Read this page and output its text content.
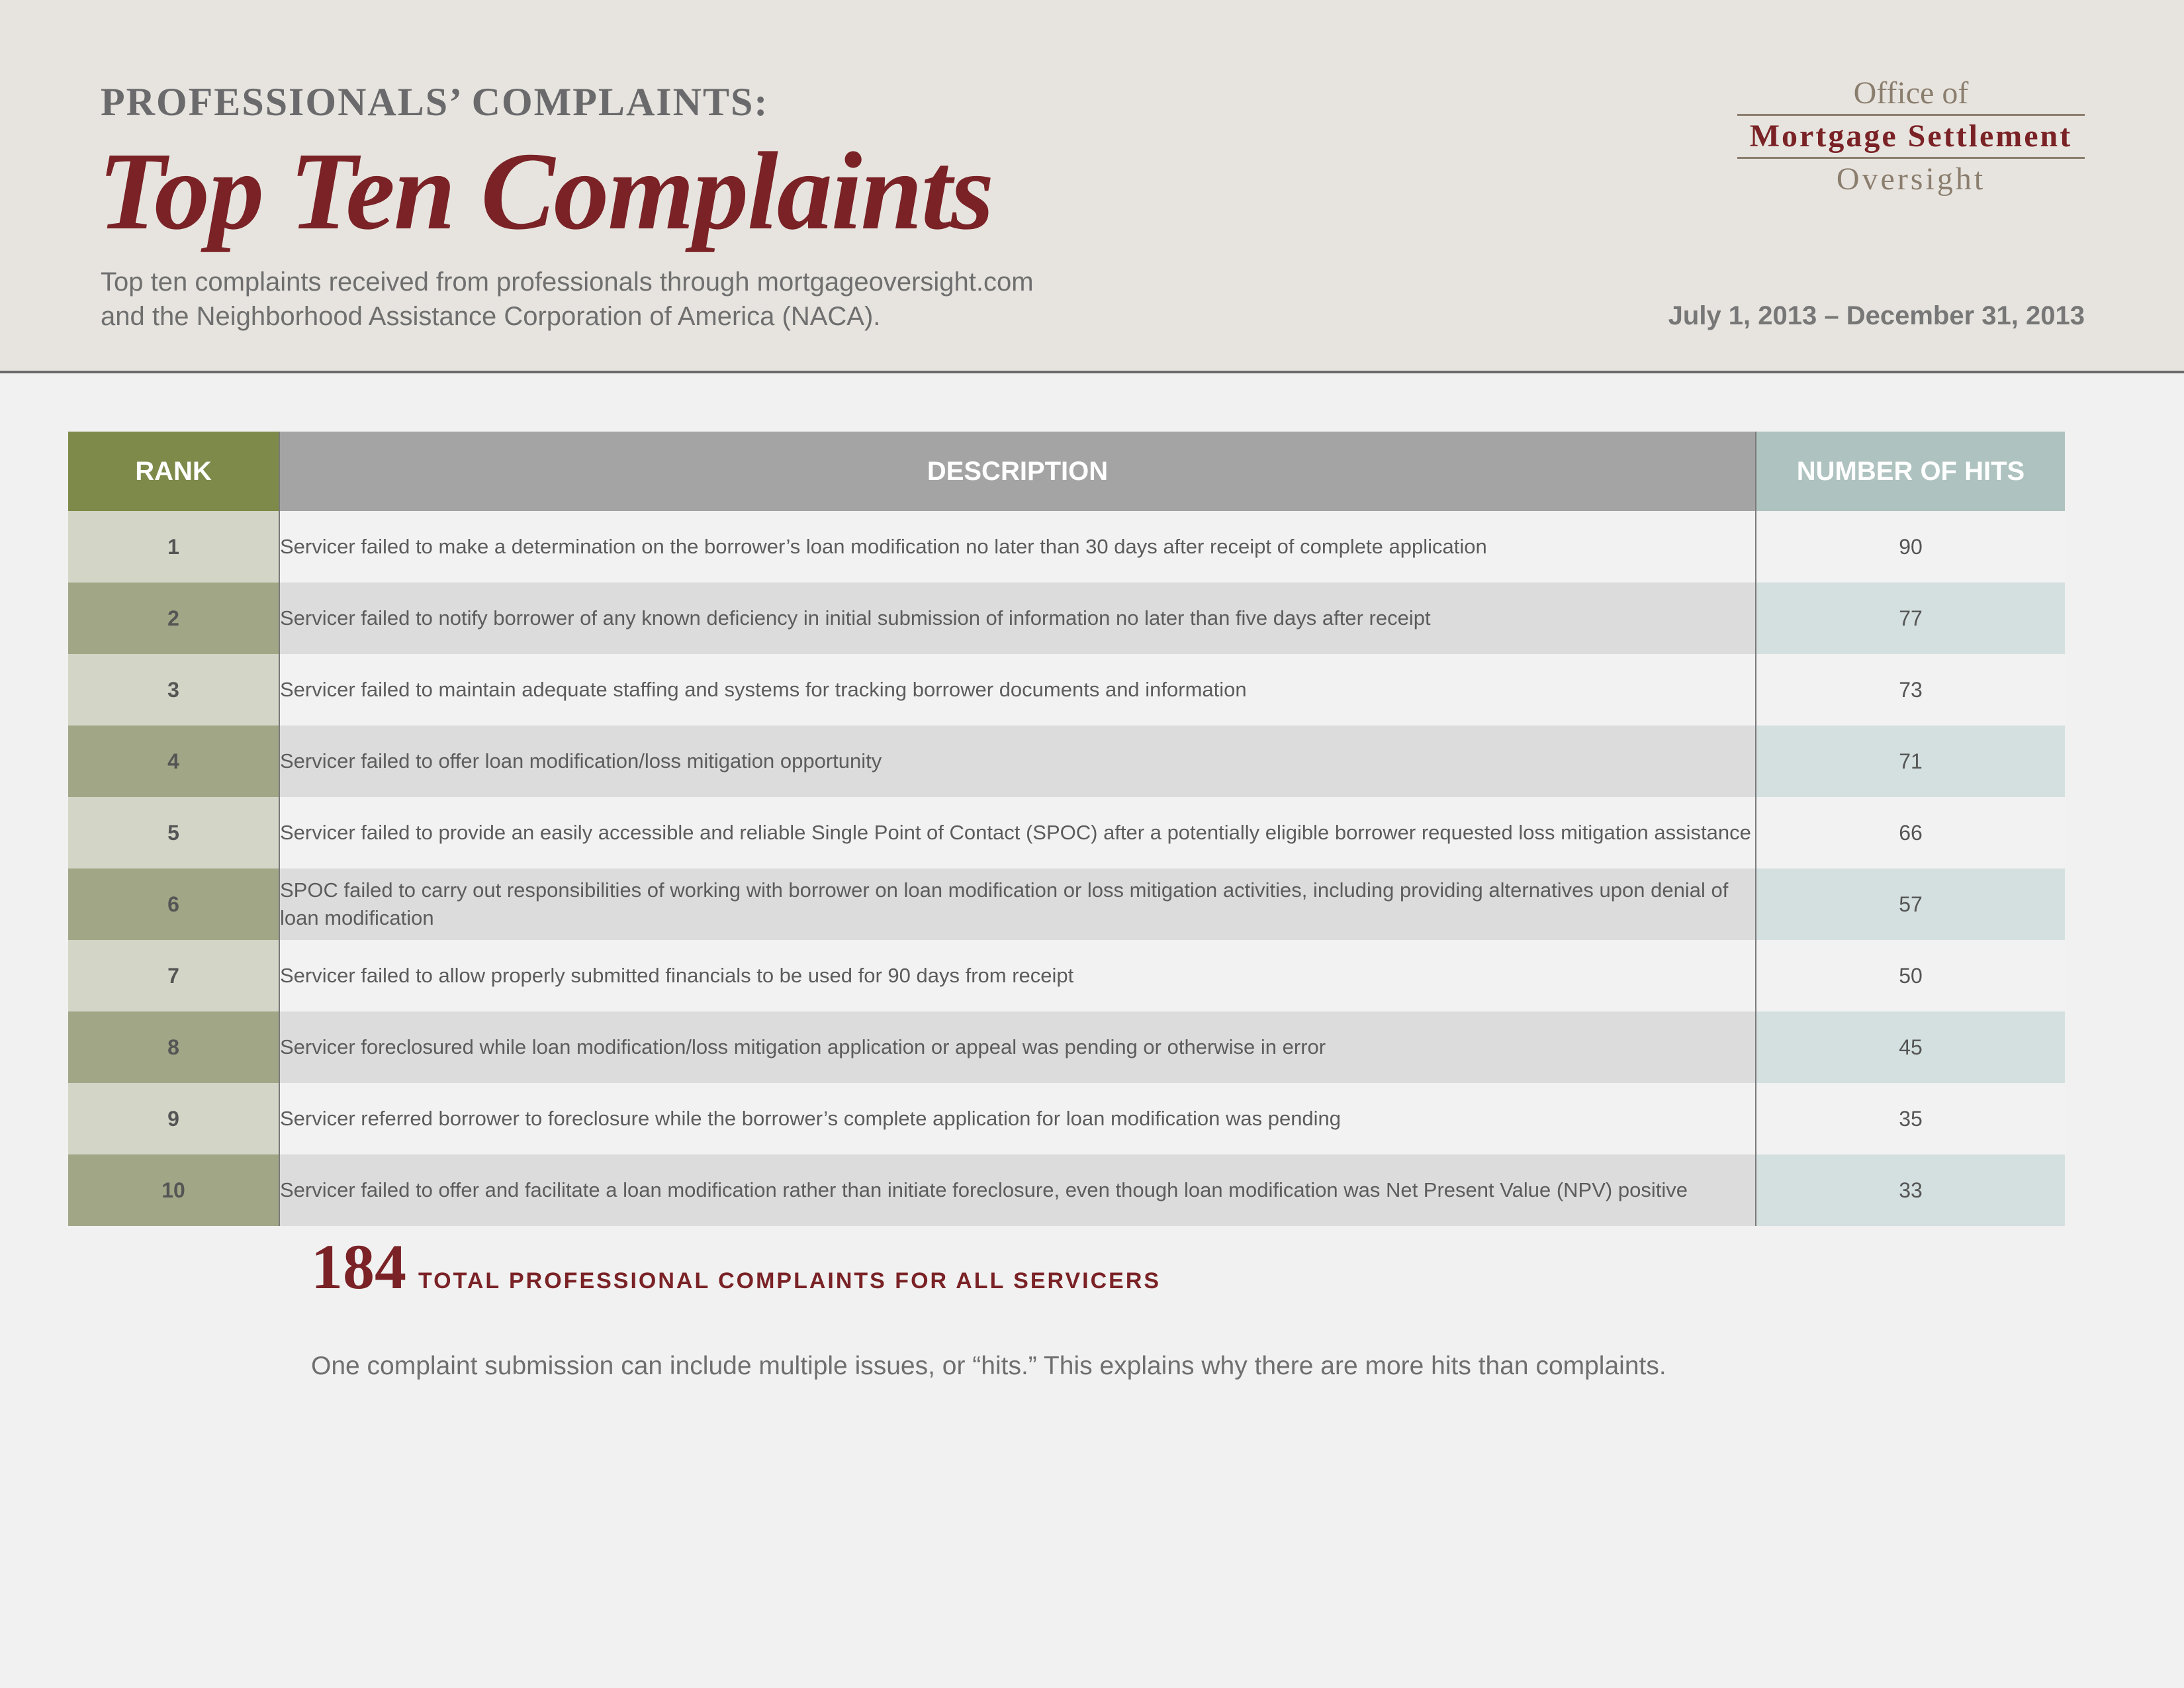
PROFESSIONALS’ COMPLAINTS:

Top Ten Complaints
Top ten complaints received from professionals through mortgageoversight.com
and the Neighborhood Assistance Corporation of America (NACA).
Office of
Mortgage Settlement
Oversight
July 1, 2013 – December 31, 2013
RANK	DESCRIPTION	NUMBER OF HITS
1	Servicer failed to make a determination on the borrower’s loan modification no later than 30 days after receipt of complete application	90
2	Servicer failed to notify borrower of any known deficiency in initial submission of information no later than five days after receipt	77
3	Servicer failed to maintain adequate staffing and systems for tracking borrower documents and information	73
4	Servicer failed to offer loan modification/loss mitigation opportunity	71
5	Servicer failed to provide an easily accessible and reliable Single Point of Contact (SPOC) after a potentially eligible borrower requested loss mitigation assistance	66
6	SPOC failed to carry out responsibilities of working with borrower on loan modification or loss mitigation activities, including providing alternatives upon denial of loan modification	57
7	Servicer failed to allow properly submitted financials to be used for 90 days from receipt	50
8	Servicer foreclosured while loan modification/loss mitigation application or appeal was pending or otherwise in error	45
9	Servicer referred borrower to foreclosure while the borrower’s complete application for loan modification was pending	35
10	Servicer failed to offer and facilitate a loan modification rather than initiate foreclosure, even though loan modification was Net Present Value (NPV) positive	33
184 TOTAL PROFESSIONAL COMPLAINTS FOR ALL SERVICERS

One complaint submission can include multiple issues, or “hits.” This explains why there are more hits than complaints.
